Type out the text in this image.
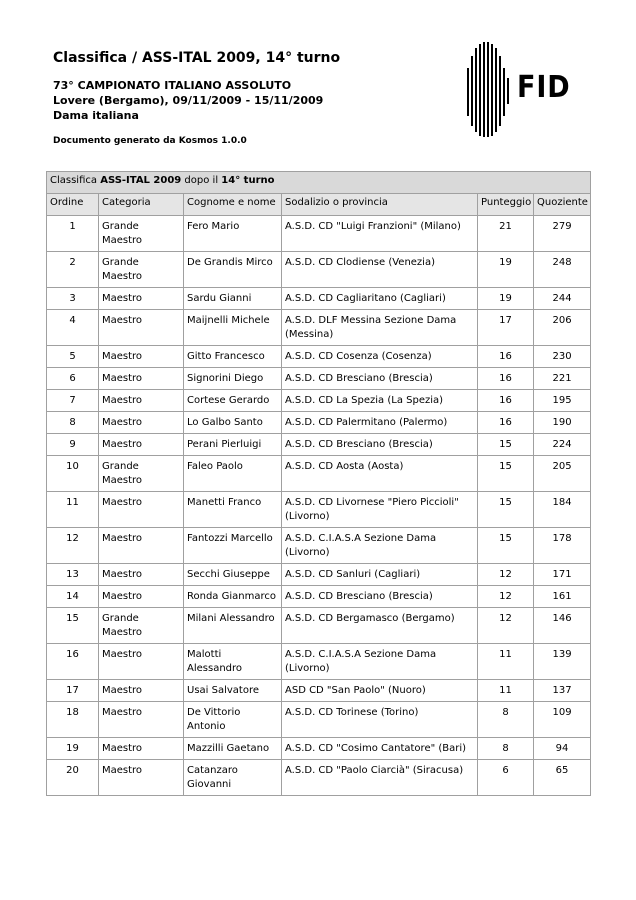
Classifica / ASS-ITAL 2009, 14° turno
73° CAMPIONATO ITALIANO ASSOLUTO
Lovere (Bergamo), 09/11/2009 - 15/11/2009
Dama italiana
Documento generato da Kosmos 1.0.0
FID
Classifica ASS-ITAL 2009 dopo il 14° turno					
Ordine	Categoria	Cognome e nome	Sodalizio o provincia	Punteggio	Quoziente
1	Grande Maestro	Fero Mario	A.S.D. CD "Luigi Franzioni" (Milano)	21	279
2	Grande Maestro	De Grandis Mirco	A.S.D. CD Clodiense (Venezia)	19	248
3	Maestro	Sardu Gianni	A.S.D. CD Cagliaritano (Cagliari)	19	244
4	Maestro	Maijnelli Michele	A.S.D. DLF Messina Sezione Dama (Messina)	17	206
5	Maestro	Gitto Francesco	A.S.D. CD Cosenza (Cosenza)	16	230
6	Maestro	Signorini Diego	A.S.D. CD Bresciano (Brescia)	16	221
7	Maestro	Cortese Gerardo	A.S.D. CD La Spezia (La Spezia)	16	195
8	Maestro	Lo Galbo Santo	A.S.D. CD Palermitano (Palermo)	16	190
9	Maestro	Perani Pierluigi	A.S.D. CD Bresciano (Brescia)	15	224
10	Grande Maestro	Faleo Paolo	A.S.D. CD Aosta (Aosta)	15	205
11	Maestro	Manetti Franco	A.S.D. CD Livornese "Piero Piccioli" (Livorno)	15	184
12	Maestro	Fantozzi Marcello	A.S.D. C.I.A.S.A Sezione Dama (Livorno)	15	178
13	Maestro	Secchi Giuseppe	A.S.D. CD Sanluri (Cagliari)	12	171
14	Maestro	Ronda Gianmarco	A.S.D. CD Bresciano (Brescia)	12	161
15	Grande Maestro	Milani Alessandro	A.S.D. CD Bergamasco (Bergamo)	12	146
16	Maestro	Malotti Alessandro	A.S.D. C.I.A.S.A Sezione Dama (Livorno)	11	139
17	Maestro	Usai Salvatore	ASD CD "San Paolo" (Nuoro)	11	137
18	Maestro	De Vittorio Antonio	A.S.D. CD Torinese (Torino)	8	109
19	Maestro	Mazzilli Gaetano	A.S.D. CD "Cosimo Cantatore" (Bari)	8	94
20	Maestro	Catanzaro Giovanni	A.S.D. CD "Paolo Ciarcià" (Siracusa)	6	65
